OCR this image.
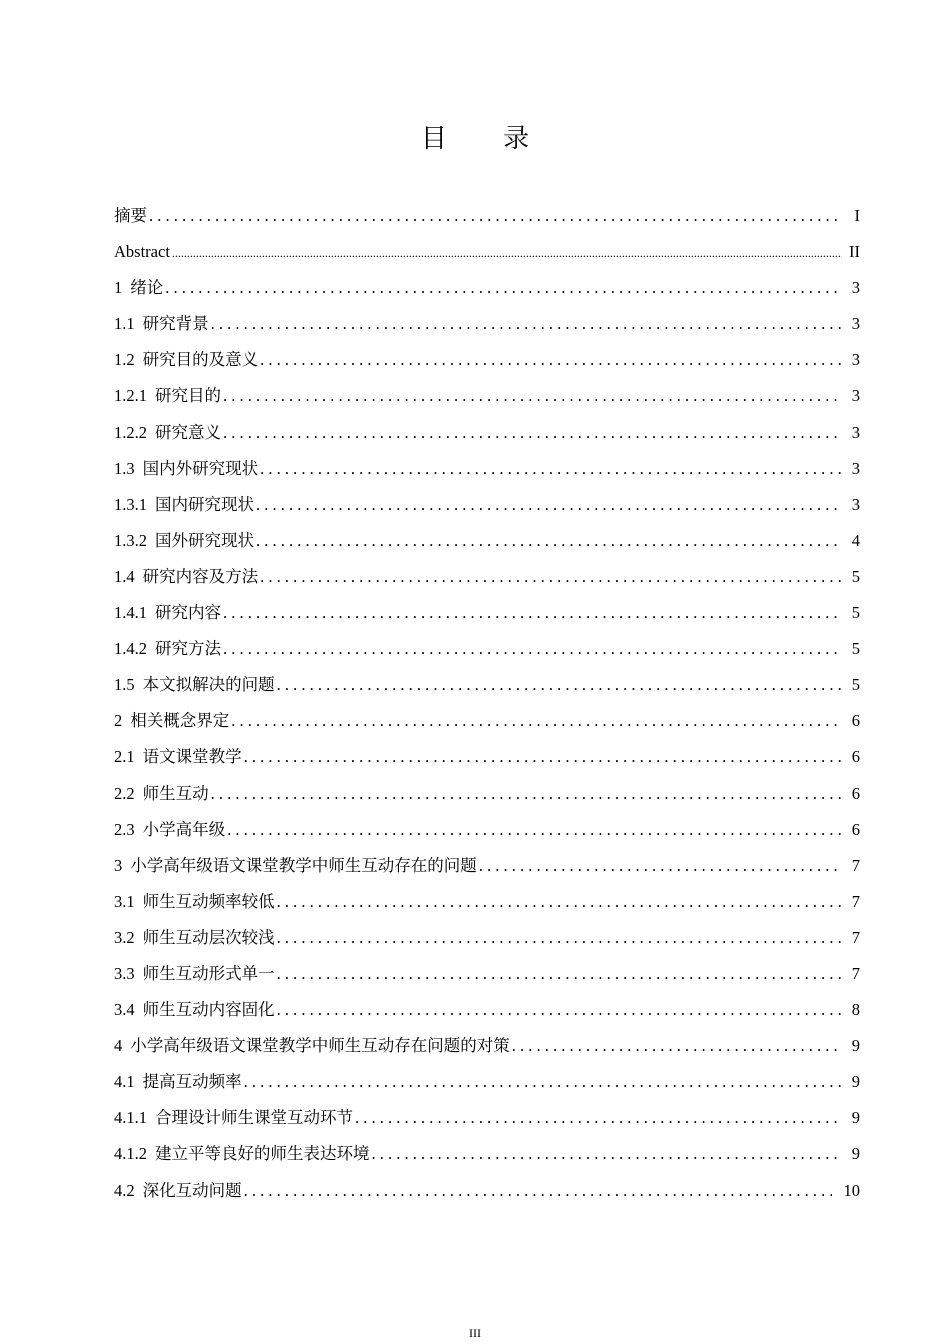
目 录
摘要 . . .	I
Abstract .....	II
1 绪论 . . .	3
1.1 研究背景 . . .	3
1.2 研究目的及意义 . . .	3
1.2.1 研究目的 . . .	3
1.2.2 研究意义 . . .	3
1.3 国内外研究现状 . . .	3
1.3.1 国内研究现状 . . .	3
1.3.2 国外研究现状 . . .	4
1.4 研究内容及方法 . . .	5
1.4.1 研究内容 . . .	5
1.4.2 研究方法 . . .	5
1.5 本文拟解决的问题 . . .	5
2 相关概念界定 . . .	6
2.1 语文课堂教学 . . .	6
2.2 师生互动 . . .	6
2.3 小学高年级 . . .	6
3 小学高年级语文课堂教学中师生互动存在的问题 . . .	7
3.1 师生互动频率较低 . . .	7
3.2 师生互动层次较浅 . . .	7
3.3 师生互动形式单一 . . .	7
3.4 师生互动内容固化 . . .	8
4 小学高年级语文课堂教学中师生互动存在问题的对策 . . .	9
4.1 提高互动频率 . . .	9
4.1.1 合理设计师生课堂互动环节 . . .	9
4.1.2 建立平等良好的师生表达环境 . . .	9
4.2 深化互动问题 . . .	10
III
